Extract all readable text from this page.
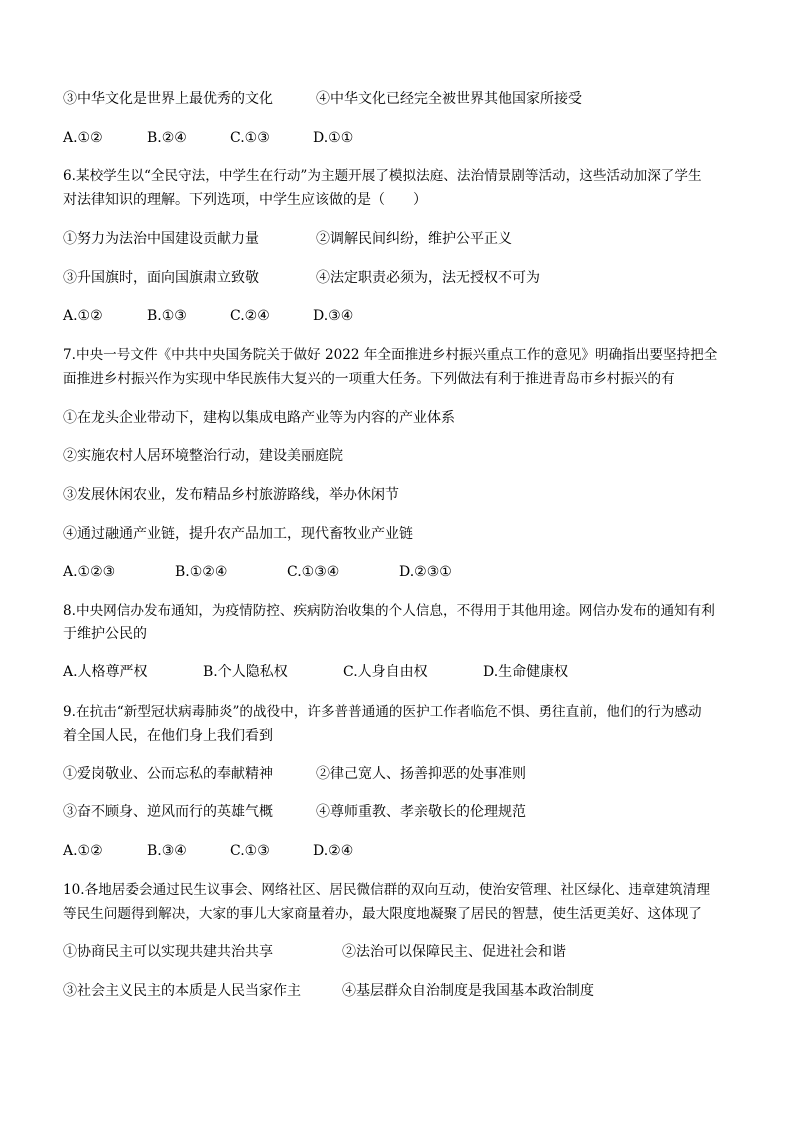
③中华文化是世界上最优秀的文化	④中华文化已经完全被世界其他国家所接受
A.①②	B.②④	C.①③	D.①①
6.某校学生以“全民守法，中学生在行动”为主题开展了模拟法庭、法治情景剧等活动，这些活动加深了学生
对法律知识的理解。下列选项，中学生应该做的是（　　）
①努力为法治中国建设贡献力量	②调解民间纠纷，维护公平正义
③升国旗时，面向国旗肃立致敬	④法定职责必须为，法无授权不可为
A.①②	B.①③	C.②④	D.③④
7.中央一号文件《中共中央国务院关于做好 2022 年全面推进乡村振兴重点工作的意见》明确指出要坚持把全
面推进乡村振兴作为实现中华民族伟大复兴的一项重大任务。下列做法有利于推进青岛市乡村振兴的有
①在龙头企业带动下，建构以集成电路产业等为内容的产业体系
②实施农村人居环境整治行动，建设美丽庭院
③发展休闲农业，发布精品乡村旅游路线，举办休闲节
④通过融通产业链，提升农产品加工，现代畜牧业产业链
A.①②③	B.①②④	C.①③④	D.②③①
8.中央网信办发布通知，为疫情防控、疾病防治收集的个人信息，不得用于其他用途。网信办发布的通知有利
于维护公民的
A.人格尊严权	B.个人隐私权	C.人身自由权	D.生命健康权
9.在抗击“新型冠状病毒肺炎”的战役中，许多普普通通的医护工作者临危不惧、勇往直前，他们的行为感动
着全国人民，在他们身上我们看到
①爱岗敬业、公而忘私的奉献精神	②律己宽人、扬善抑恶的处事准则
③奋不顾身、逆风而行的英雄气概	④尊师重教、孝亲敬长的伦理规范
A.①②	B.③④	C.①③	D.②④
10.各地居委会通过民生议事会、网络社区、居民微信群的双向互动，使治安管理、社区绿化、违章建筑清理
等民生问题得到解决，大家的事儿大家商量着办，最大限度地凝聚了居民的智慧，使生活更美好、这体现了
①协商民主可以实现共建共治共享	②法治可以保障民主、促进社会和谐
③社会主义民主的本质是人民当家作主	④基层群众自治制度是我国基本政治制度
